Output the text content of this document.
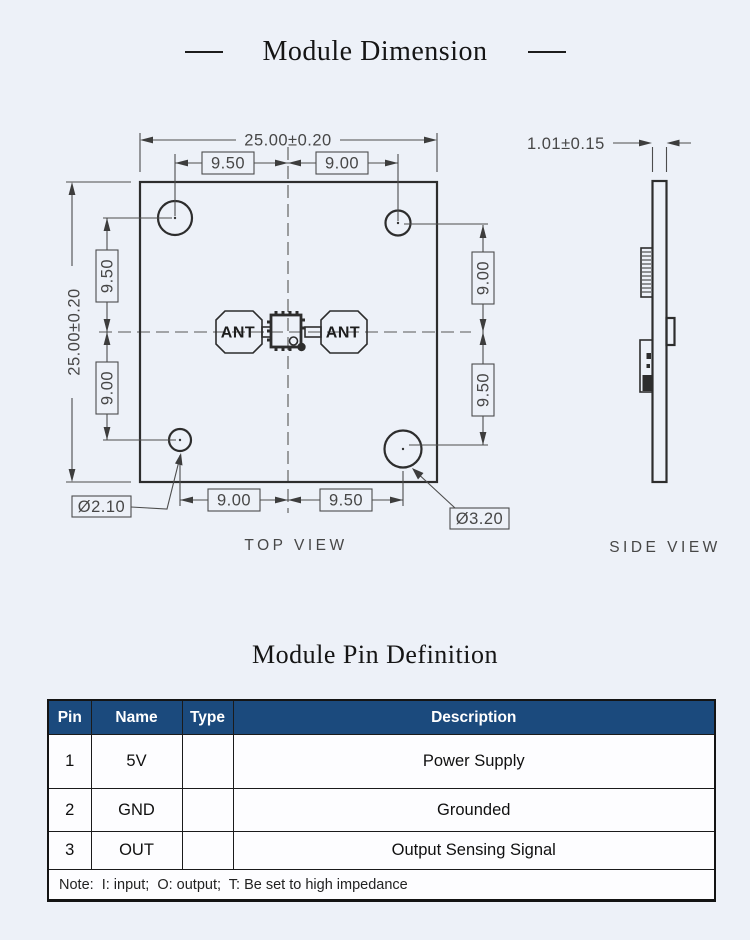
Module Dimension
ANT	ANT
25.00±0.20
9.50	9.00
25.00±0.20
9.50
9.00
9.00
9.50
9.00	9.50
Ø2.10
Ø3.20
TOP VIEW
1.01±0.15
SIDE VIEW
Module Pin Definition
Pin	Name	Type	Description
1	5V		Power Supply
2	GND		Grounded
3	OUT		Output Sensing Signal
Note:  I: input;  O: output;  T: Be set to high impedance			
